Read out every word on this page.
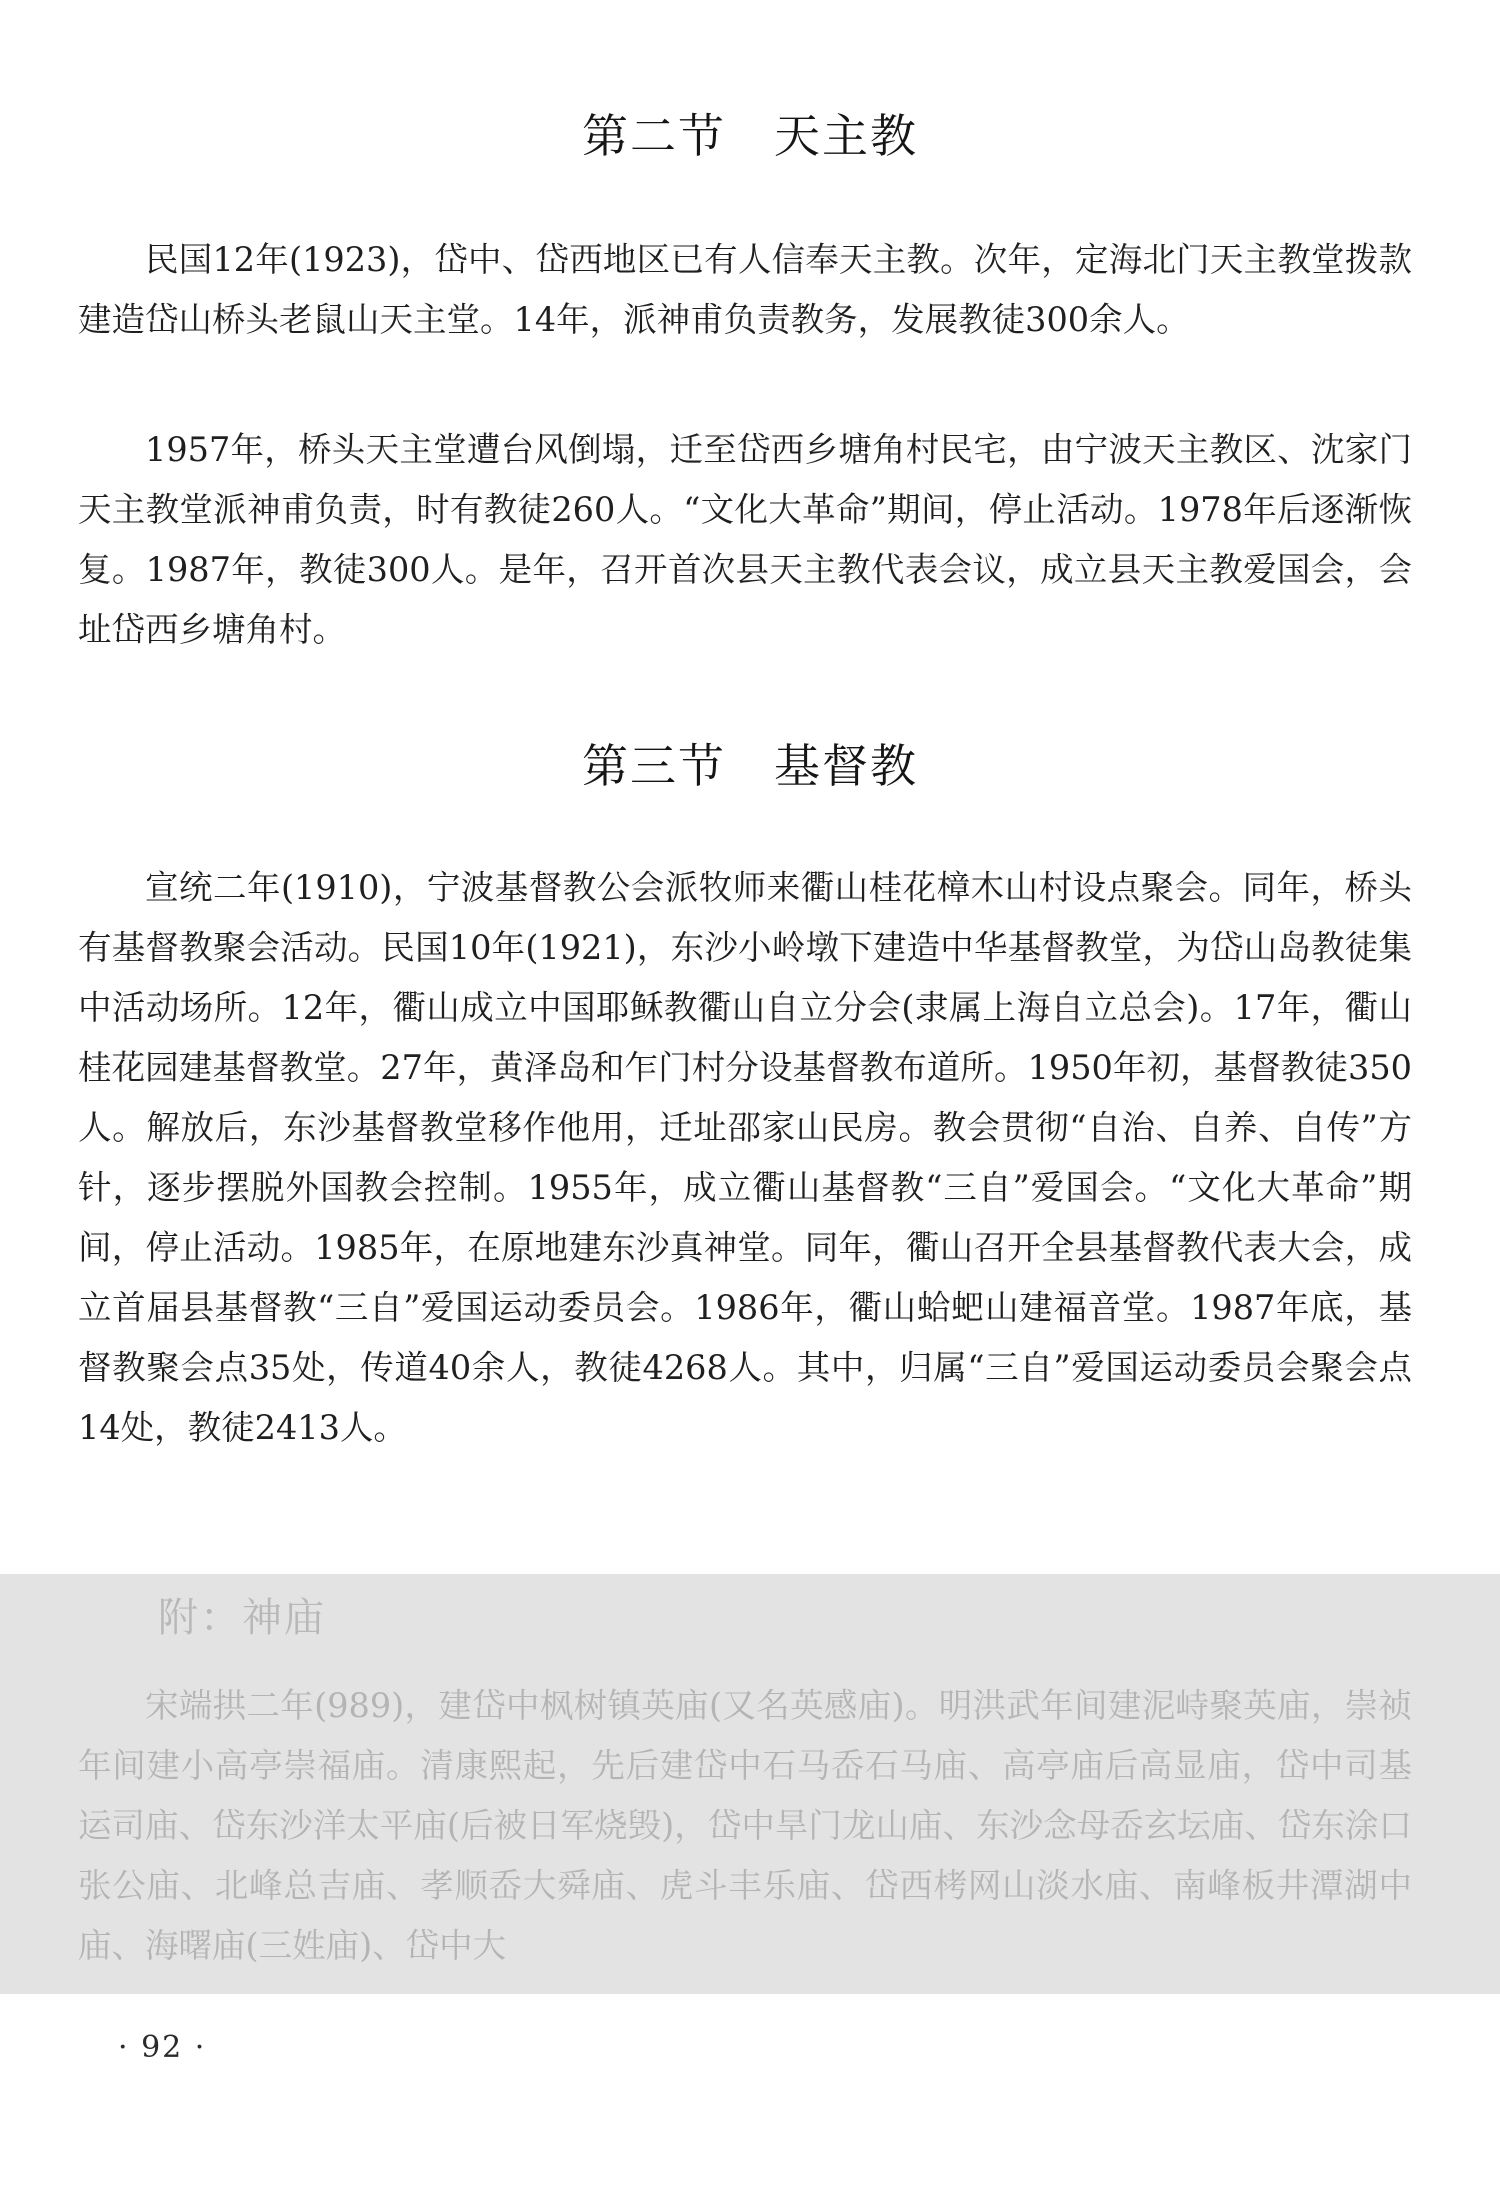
第二节　天主教

民国12年(1923)，岱中、岱西地区已有人信奉天主教。次年，定海北门天主教堂拨款建造岱山桥头老鼠山天主堂。14年，派神甫负责教务，发展教徒300余人。

1957年，桥头天主堂遭台风倒塌，迁至岱西乡塘角村民宅，由宁波天主教区、沈家门天主教堂派神甫负责，时有教徒260人。“文化大革命”期间，停止活动。1978年后逐渐恢复。1987年，教徒300人。是年，召开首次县天主教代表会议，成立县天主教爱国会，会址岱西乡塘角村。

第三节　基督教

宣统二年(1910)，宁波基督教公会派牧师来衢山桂花樟木山村设点聚会。同年，桥头有基督教聚会活动。民国10年(1921)，东沙小岭墩下建造中华基督教堂，为岱山岛教徒集中活动场所。12年，衢山成立中国耶稣教衢山自立分会(隶属上海自立总会)。17年，衢山桂花园建基督教堂。27年，黄泽岛和乍门村分设基督教布道所。1950年初，基督教徒350人。解放后，东沙基督教堂移作他用，迁址邵家山民房。教会贯彻“自治、自养、自传”方针，逐步摆脱外国教会控制。1955年，成立衢山基督教“三自”爱国会。“文化大革命”期间，停止活动。1985年，在原地建东沙真神堂。同年，衢山召开全县基督教代表大会，成立首届县基督教“三自”爱国运动委员会。1986年，衢山蛤蚆山建福音堂。1987年底，基督教聚会点35处，传道40余人，教徒4268人。其中，归属“三自”爱国运动委员会聚会点14处，教徒2413人。

附：神庙

宋端拱二年(989)，建岱中枫树镇英庙(又名英感庙)。明洪武年间建泥峙聚英庙，崇祯年间建小高亭崇福庙。清康熙起，先后建岱中石马岙石马庙、高亭庙后高显庙，岱中司基运司庙、岱东沙洋太平庙(后被日军烧毁)，岱中旱门龙山庙、东沙念母岙玄坛庙、岱东涂口张公庙、北峰总吉庙、孝顺岙大舜庙、虎斗丰乐庙、岱西栲网山淡水庙、南峰板井潭湖中庙、海曙庙(三姓庙)、岱中大

· 92 ·
